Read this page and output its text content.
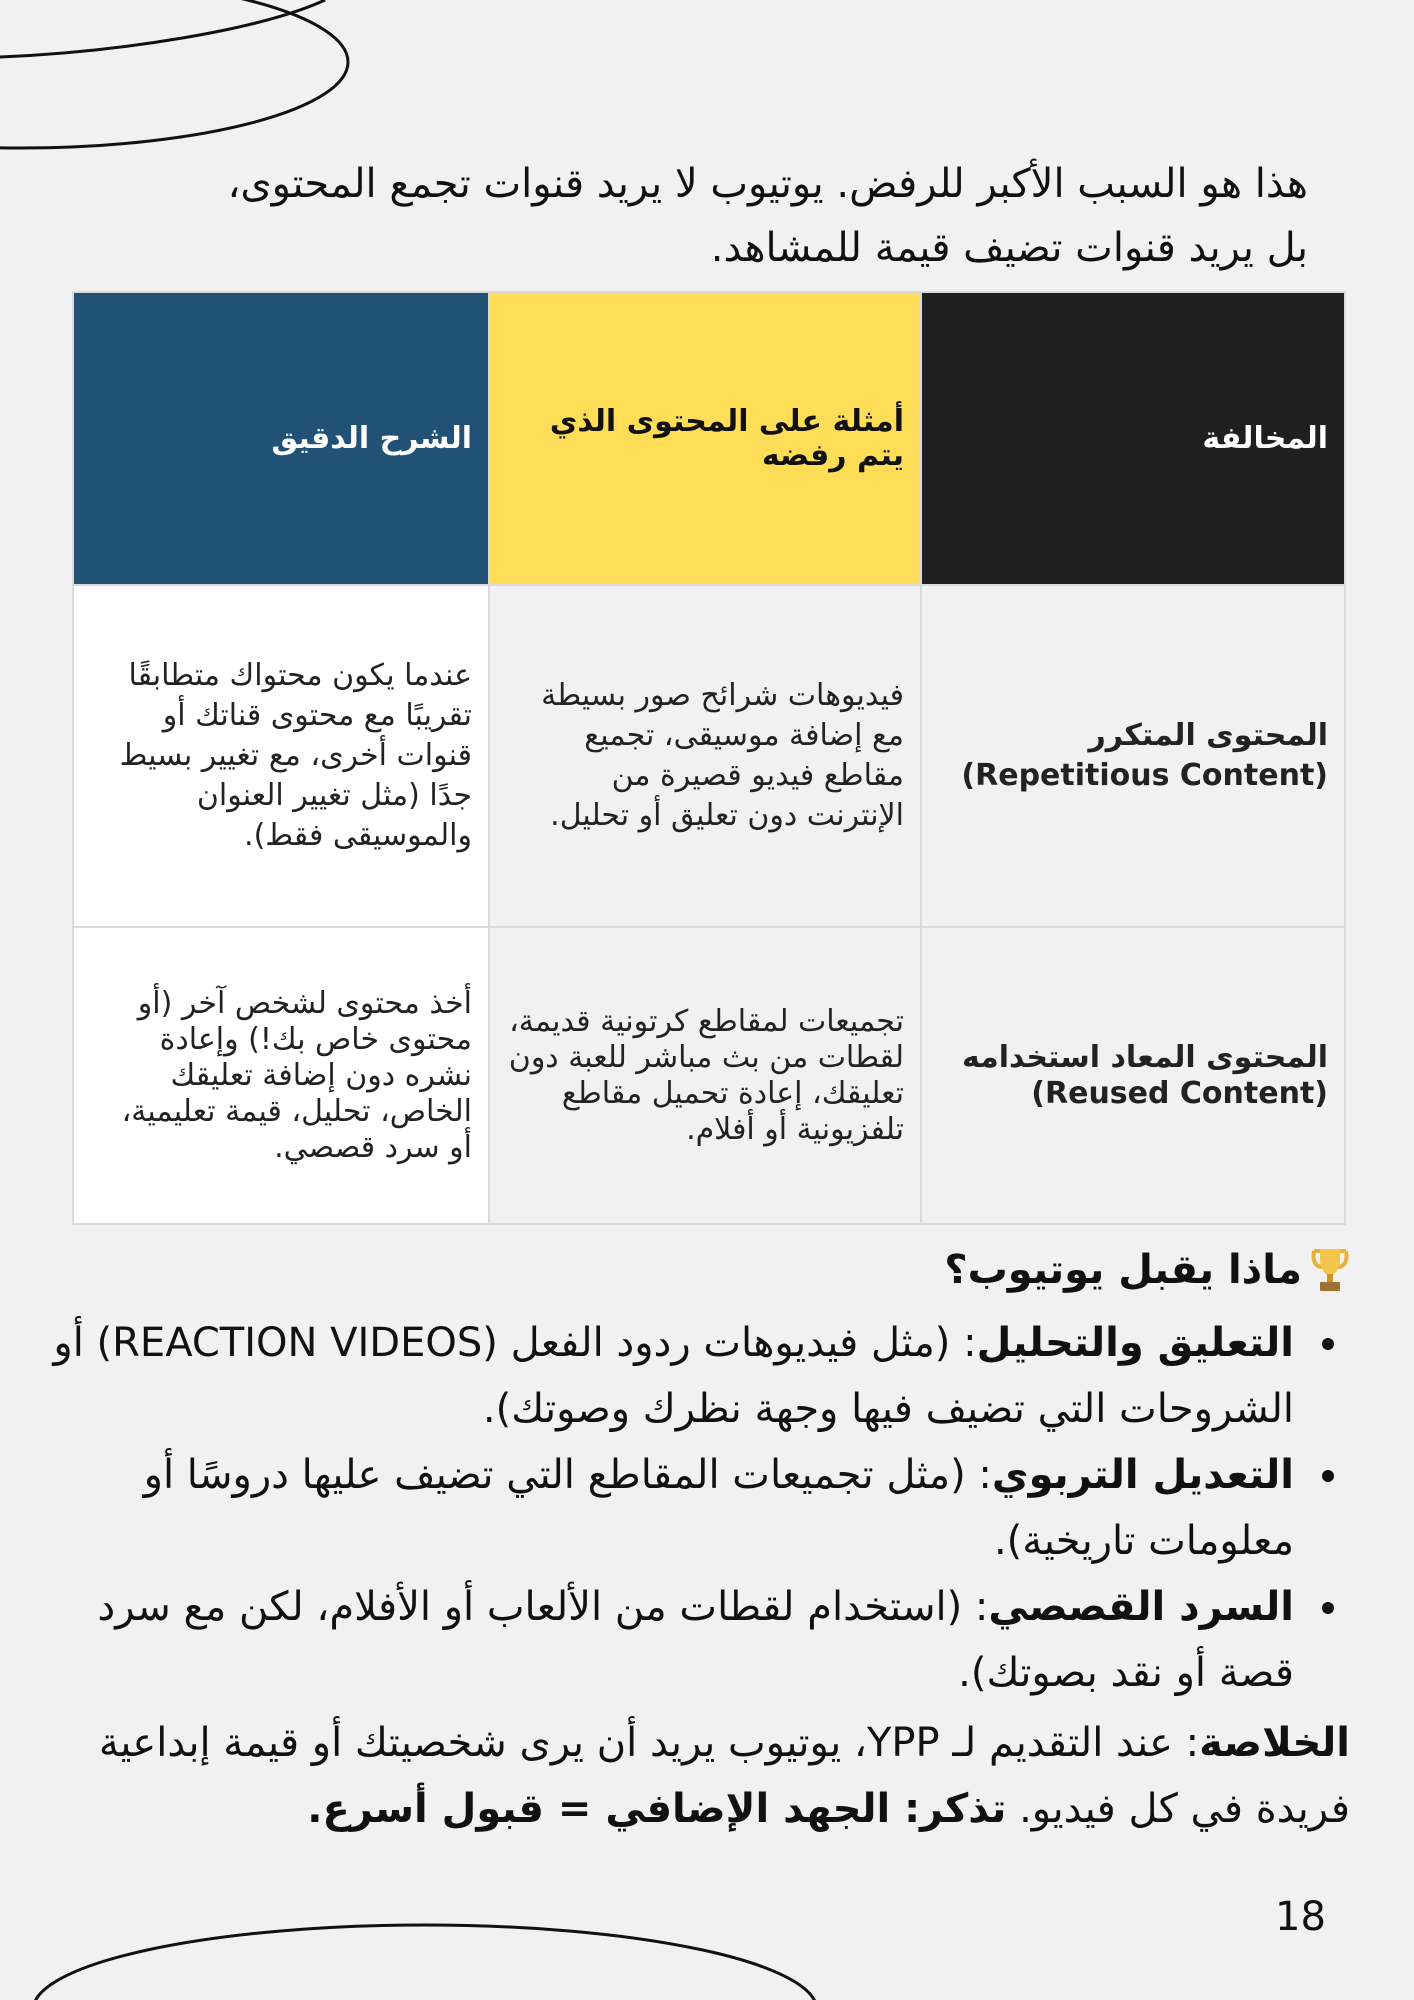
هذا هو السبب الأكبر للرفض. يوتيوب لا يريد قنوات تجمع المحتوى، بل يريد قنوات تضيف قيمة للمشاهد.
المخالفة	أمثلة على المحتوى الذي يتم رفضه	الشرح الدقيق
المحتوى المتكرر
(Repetitious Content)	فيديوهات شرائح صور بسيطة مع إضافة موسيقى، تجميع مقاطع فيديو قصيرة من الإنترنت دون تعليق أو تحليل.	عندما يكون محتواك متطابقًا تقريبًا مع محتوى قناتك أو قنوات أخرى، مع تغيير بسيط جدًا (مثل تغيير العنوان والموسيقى فقط).
المحتوى المعاد استخدامه
(Reused Content)	تجميعات لمقاطع كرتونية قديمة، لقطات من بث مباشر للعبة دون تعليقك، إعادة تحميل مقاطع تلفزيونية أو أفلام.	أخذ محتوى لشخص آخر (أو محتوى خاص بك!) وإعادة نشره دون إضافة تعليقك الخاص، تحليل، قيمة تعليمية، أو سرد قصصي.
ماذا يقبل يوتيوب؟
التعليق والتحليل: (مثل فيديوهات ردود الفعل (REACTION VIDEOS) أو الشروحات التي تضيف فيها وجهة نظرك وصوتك).
التعديل التربوي: (مثل تجميعات المقاطع التي تضيف عليها دروسًا أو معلومات تاريخية).
السرد القصصي: (استخدام لقطات من الألعاب أو الأفلام، لكن مع سرد قصة أو نقد بصوتك).
الخلاصة: عند التقديم لـ YPP، يوتيوب يريد أن يرى شخصيتك أو قيمة إبداعية فريدة في كل فيديو. تذكر: الجهد الإضافي = قبول أسرع.
18
